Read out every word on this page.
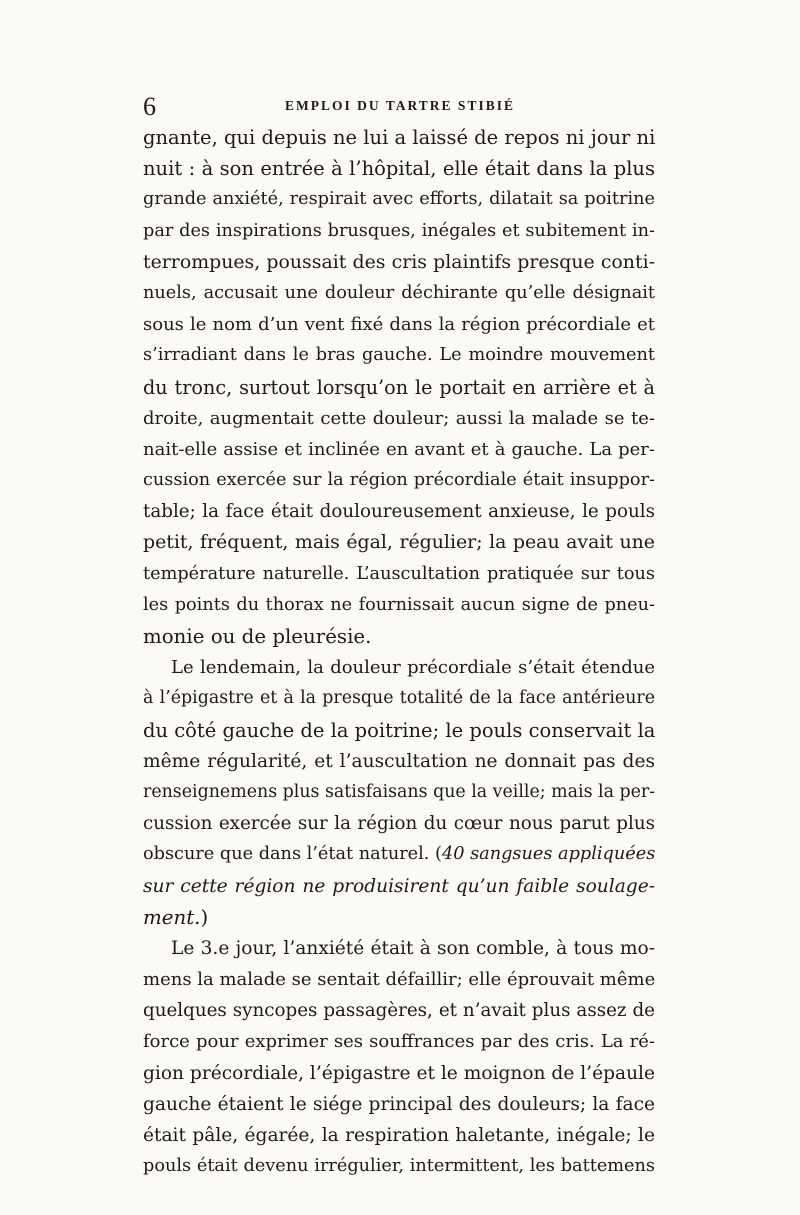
6	EMPLOI DU TARTRE STIBIÉ
gnante, qui depuis ne lui a laissé de repos ni jour ni
nuit : à son entrée à l’hôpital, elle était dans la plus
grande anxiété, respirait avec efforts, dilatait sa poitrine
par des inspirations brusques, inégales et subitement in-
terrompues, poussait des cris plaintifs presque conti-
nuels, accusait une douleur déchirante qu’elle désignait
sous le nom d’un vent fixé dans la région précordiale et
s’irradiant dans le bras gauche. Le moindre mouvement
du tronc, surtout lorsqu’on le portait en arrière et à
droite, augmentait cette douleur; aussi la malade se te-
nait-elle assise et inclinée en avant et à gauche. La per-
cussion exercée sur la région précordiale était insuppor-
table; la face était douloureusement anxieuse, le pouls
petit, fréquent, mais égal, régulier; la peau avait une
température naturelle. L’auscultation pratiquée sur tous
les points du thorax ne fournissait aucun signe de pneu-
monie ou de pleurésie.
Le lendemain, la douleur précordiale s’était étendue
à l’épigastre et à la presque totalité de la face antérieure
du côté gauche de la poitrine; le pouls conservait la
même régularité, et l’auscultation ne donnait pas des
renseignemens plus satisfaisans que la veille; mais la per-
cussion exercée sur la région du cœur nous parut plus
obscure que dans l’état naturel. (40 sangsues appliquées
sur cette région ne produisirent qu’un faible soulage-
ment.)
Le 3.e jour, l’anxiété était à son comble, à tous mo-
mens la malade se sentait défaillir; elle éprouvait même
quelques syncopes passagères, et n’avait plus assez de
force pour exprimer ses souffrances par des cris. La ré-
gion précordiale, l’épigastre et le moignon de l’épaule
gauche étaient le siége principal des douleurs; la face
était pâle, égarée, la respiration haletante, inégale; le
pouls était devenu irrégulier, intermittent, les battemens
